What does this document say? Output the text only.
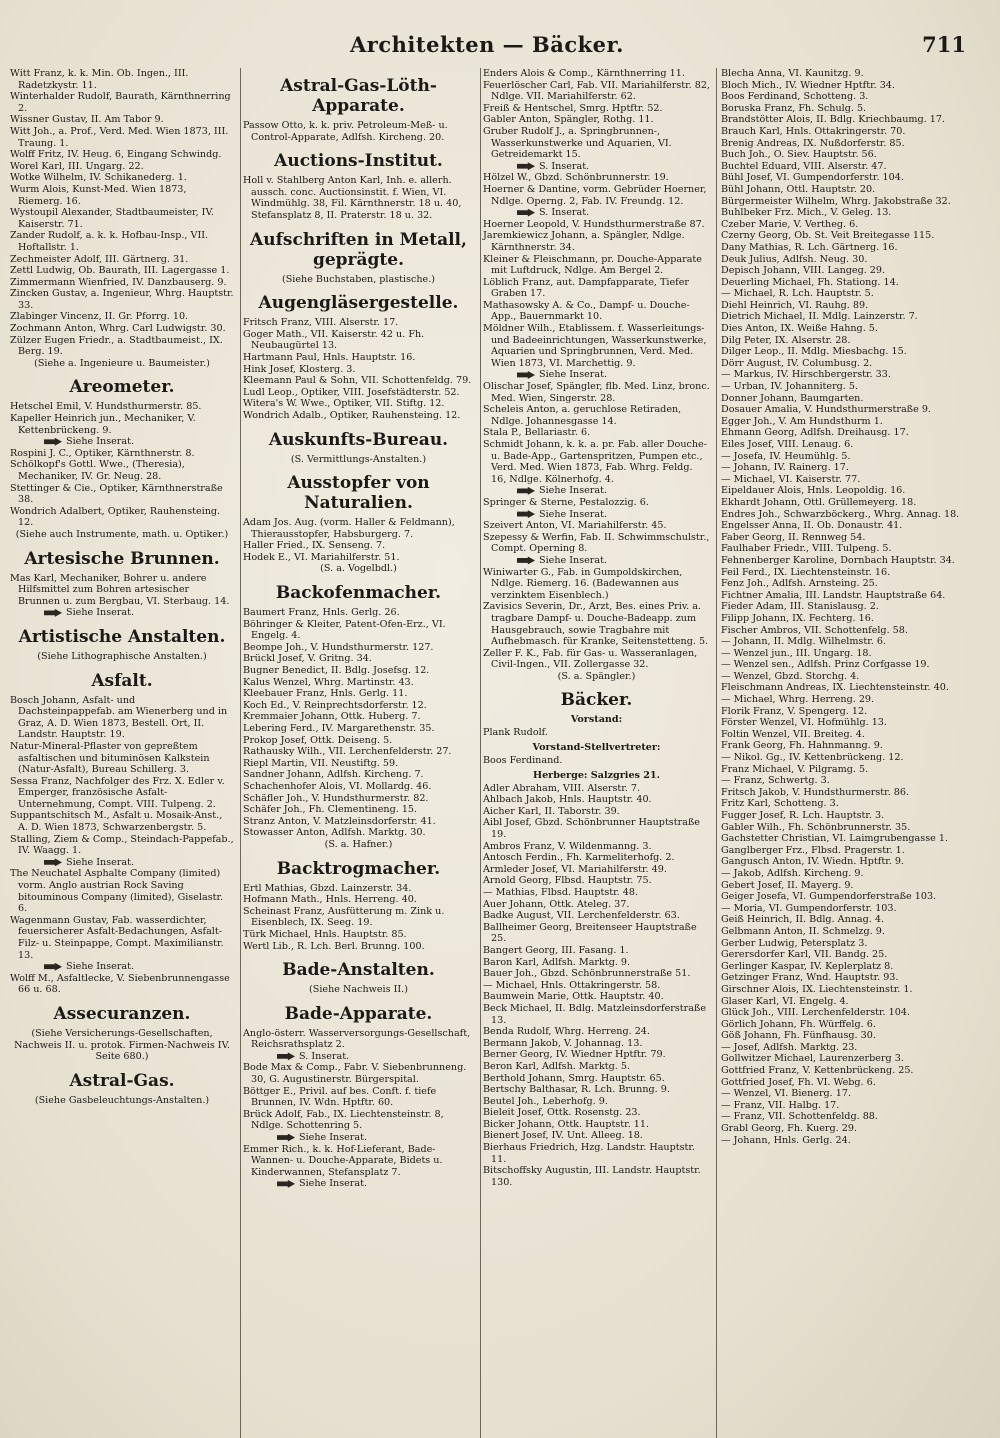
Architekten — Bäcker.	711
Witt Franz, k. k. Min. Ob. Ingen., III. Radetzkystr. 11.
Winterhalder Rudolf, Baurath, Kärnthnerring 2.
Wissner Gustav, II. Am Tabor 9.
Witt Joh., a. Prof., Verd. Med. Wien 1873, III. Traung. 1.
Wolff Fritz, IV. Heug. 6, Eingang Schwindg.
Worel Karl, III. Ungarg. 22.
Wotke Wilhelm, IV. Schikanederg. 1.
Wurm Alois, Kunst-Med. Wien 1873, Riemerg. 16.
Wystoupil Alexander, Stadtbaumeister, IV. Kaiserstr. 71.
Zander Rudolf, a. k. k. Hofbau-Insp., VII. Hoftallstr. 1.
Zechmeister Adolf, III. Gärtnerg. 31.
Zettl Ludwig, Ob. Baurath, III. Lagergasse 1.
Zimmermann Wienfried, IV. Danzbauserg. 9.
Zincken Gustav, a. Ingenieur, Whrg. Hauptstr. 33.
Zlabinger Vincenz, II. Gr. Pforrg. 10.
Zochmann Anton, Whrg. Carl Ludwigstr. 30.
Zülzer Eugen Friedr., a. Stadtbaumeist., IX. Berg. 19.
(Siehe a. Ingenieure u. Baumeister.)
Areometer.
Hetschel Emil, V. Hundsthurmerstr. 85.
Kapeller Heinrich jun., Mechaniker, V. Kettenbrückeng. 9.
Siehe Inserat.
Rospini J. C., Optiker, Kärnthnerstr. 8.
Schölkopf's Gottl. Wwe., (Theresia), Mechaniker, IV. Gr. Neug. 28.
Stettinger & Cie., Optiker, Kärnthnerstraße 38.
Wondrich Adalbert, Optiker, Rauhensteing. 12.
(Siehe auch Instrumente, math. u. Optiker.)
Artesische Brunnen.
Mas Karl, Mechaniker, Bohrer u. andere Hilfsmittel zum Bohren artesischer Brunnen u. zum Bergbau, VI. Sterbaug. 14.
Siehe Inserat.
Artistische Anstalten.
(Siehe Lithographische Anstalten.)
Asfalt.
Bosch Johann, Asfalt- und Dachsteinpappefab. am Wienerberg und in Graz, A. D. Wien 1873, Bestell. Ort, II. Landstr. Hauptstr. 19.
Natur-Mineral-Pflaster von gepreßtem asfaltischen und bituminösen Kalkstein (Natur-Asfalt), Bureau Schillerg. 3.
Sessa Franz, Nachfolger des Frz. X. Edler v. Emperger, französische Asfalt-Unternehmung, Compt. VIII. Tulpeng. 2.
Suppantschitsch M., Asfalt u. Mosaik-Anst., A. D. Wien 1873, Schwarzenbergstr. 5.
Stalling, Ziem & Comp., Steindach-Pappefab., IV. Waagg. 1.
Siehe Inserat.
The Neuchatel Asphalte Company (limited) vorm. Anglo austrian Rock Saving bitouminous Company (limited), Giselastr. 6.
Wagenmann Gustav, Fab. wasserdichter, feuersicherer Asfalt-Bedachungen, Asfalt-Filz- u. Steinpappe, Compt. Maximilianstr. 13.
Siehe Inserat.
Wolff M., Asfaltlecke, V. Siebenbrunnengasse 66 u. 68.
Assecuranzen.
(Siehe Versicherungs-Gesellschaften, Nachweis II. u. protok. Firmen-Nachweis IV. Seite 680.)
Astral-Gas.
(Siehe Gasbeleuchtungs-Anstalten.)
Astral-Gas-Löth-Apparate.
Passow Otto, k. k. priv. Petroleum-Meß- u. Control-Apparate, Adlfsh. Kircheng. 20.
Auctions-Institut.
Holl v. Stahlberg Anton Karl, Inh. e. allerh. aussch. conc. Auctionsinstit. f. Wien, VI. Windmühlg. 38, Fil. Kärnthnerstr. 18 u. 40, Stefansplatz 8, II. Praterstr. 18 u. 32.
Aufschriften in Metall, geprägte.
(Siehe Buchstaben, plastische.)
Augengläsergestelle.
Fritsch Franz, VIII. Alserstr. 17.
Goger Math., VII. Kaiserstr. 42 u. Fh. Neubaugürtel 13.
Hartmann Paul, Hnls. Hauptstr. 16.
Hink Josef, Klosterg. 3.
Kleemann Paul & Sohn, VII. Schottenfeldg. 79.
Ludl Leop., Optiker, VIII. Josefstädterstr. 52.
Witera's W. Wwe., Optiker, VII. Stiftg. 12.
Wondrich Adalb., Optiker, Rauhensteing. 12.
Auskunfts-Bureau.
(S. Vermittlungs-Anstalten.)
Ausstopfer von Naturalien.
Adam Jos. Aug. (vorm. Haller & Feldmann), Thierausstopfer, Habsburgerg. 7.
Haller Fried., IX. Senseng. 7.
Hodek E., VI. Mariahilferstr. 51.
(S. a. Vogelbdl.)
Backofenmacher.
Baumert Franz, Hnls. Gerlg. 26.
Böhringer & Kleiter, Patent-Ofen-Erz., VI. Engelg. 4.
Beompe Joh., V. Hundsthurmerstr. 127.
Brückl Josef, V. Gritng. 34.
Bugner Benedict, II. Bdlg. Josefsg. 12.
Kalus Wenzel, Whrg. Martinstr. 43.
Kleebauer Franz, Hnls. Gerlg. 11.
Koch Ed., V. Reinprechtsdorferstr. 12.
Kremmaier Johann, Ottk. Huberg. 7.
Lebering Ferd., IV. Margarethenstr. 35.
Prokop Josef, Ottk. Deiseng. 5.
Rathausky Wilh., VII. Lerchenfelderstr. 27.
Riepl Martin, VII. Neustiftg. 59.
Sandner Johann, Adlfsh. Kircheng. 7.
Schachenhofer Alois, VI. Mollardg. 46.
Schäfler Joh., V. Hundsthurmerstr. 82.
Schäfer Joh., Fh. Clementineng. 15.
Stranz Anton, V. Matzleinsdorferstr. 41.
Stowasser Anton, Adlfsh. Marktg. 30.
(S. a. Hafner.)
Backtrogmacher.
Ertl Mathias, Gbzd. Lainzerstr. 34.
Hofmann Math., Hnls. Herreng. 40.
Scheinast Franz, Ausfütterung m. Zink u. Eisenblech, IX. Seeg. 19.
Türk Michael, Hnls. Hauptstr. 85.
Wertl Lib., R. Lch. Berl. Brunng. 100.
Bade-Anstalten.
(Siehe Nachweis II.)
Bade-Apparate.
Anglo-österr. Wasserversorgungs-Gesellschaft, Reichsrathsplatz 2.
S. Inserat.
Bode Max & Comp., Fabr. V. Siebenbrunneng. 30, G. Augustinerstr. Bürgerspital.
Böttger E., Privil. auf bes. Conft. f. tiefe Brunnen, IV. Wdn. Hptftr. 60.
Brück Adolf, Fab., IX. Liechtensteinstr. 8, Ndlge. Schottenring 5.
Siehe Inserat.
Emmer Rich., k. k. Hof-Lieferant, Bade-Wannen- u. Douche-Apparate, Bidets u. Kinderwannen, Stefansplatz 7.
Siehe Inserat.
Enders Alois & Comp., Kärnthnerring 11.
Feuerlöscher Carl, Fab. VII. Mariahilferstr. 82, Ndlge. VII. Mariahilferstr. 62.
Freiß & Hentschel, Smrg. Hptftr. 52.
Gabler Anton, Spängler, Rothg. 11.
Gruber Rudolf J., a. Springbrunnen-, Wasserkunstwerke und Aquarien, VI. Getreidemarkt 15.
S. Inserat.
Hölzel W., Gbzd. Schönbrunnerstr. 19.
Hoerner & Dantine, vorm. Gebrüder Hoerner, Ndlge. Operng. 2, Fab. IV. Freundg. 12.
S. Inserat.
Hoerner Leopold, V. Hundsthurmerstraße 87.
Jaremkiewicz Johann, a. Spängler, Ndlge. Kärnthnerstr. 34.
Kleiner & Fleischmann, pr. Douche-Apparate mit Luftdruck, Ndlge. Am Bergel 2.
Löblich Franz, aut. Dampfapparate, Tiefer Graben 17.
Mathasowsky A. & Co., Dampf- u. Douche-App., Bauernmarkt 10.
Möldner Wilh., Etablissem. f. Wasserleitungs- und Badeeinrichtungen, Wasserkunstwerke, Aquarien und Springbrunnen, Verd. Med. Wien 1873, VI. Marchettig. 9.
Siehe Inserat.
Olischar Josef, Spängler, flb. Med. Linz, bronc. Med. Wien, Singerstr. 28.
Scheleis Anton, a. geruchlose Retiraden, Ndlge. Johannesgasse 14.
Stala P., Bellariastr. 6.
Schmidt Johann, k. k. a. pr. Fab. aller Douche- u. Bade-App., Gartenspritzen, Pumpen etc., Verd. Med. Wien 1873, Fab. Whrg. Feldg. 16, Ndlge. Kölnerhofg. 4.
Siehe Inserat.
Springer & Sterne, Pestalozzig. 6.
Siehe Inserat.
Szeivert Anton, VI. Mariahilferstr. 45.
Szepessy & Werfin, Fab. II. Schwimmschulstr., Compt. Operning 8.
Siehe Inserat.
Winiwarter G., Fab. in Gumpoldskirchen, Ndlge. Riemerg. 16. (Badewannen aus verzinktem Eisenblech.)
Zavisics Severin, Dr., Arzt, Bes. eines Priv. a. tragbare Dampf- u. Douche-Badeapp. zum Hausgebrauch, sowie Tragbahre mit Aufhebmasch. für Kranke, Seitenstetteng. 5.
Zeller F. K., Fab. für Gas- u. Wasseranlagen, Civil-Ingen., VII. Zollergasse 32.
(S. a. Spängler.)
Bäcker.
Vorstand:
Plank Rudolf.
Vorstand-Stellvertreter:
Boos Ferdinand.
Herberge: Salzgries 21.
Adler Abraham, VIII. Alserstr. 7.
Ahlbach Jakob, Hnls. Hauptstr. 40.
Aicher Karl, II. Taborstr. 39.
Aibl Josef, Gbzd. Schönbrunner Hauptstraße 19.
Ambros Franz, V. Wildenmanng. 3.
Antosch Ferdin., Fh. Karmeliterhofg. 2.
Armleder Josef, VI. Mariahilferstr. 49.
Arnold Georg, Flbsd. Hauptstr. 75.
— Mathias, Flbsd. Hauptstr. 48.
Auer Johann, Ottk. Ateleg. 37.
Badke August, VII. Lerchenfelderstr. 63.
Ballheimer Georg, Breitenseer Hauptstraße 25.
Bangert Georg, III. Fasang. 1.
Baron Karl, Adlfsh. Marktg. 9.
Bauer Joh., Gbzd. Schönbrunnerstraße 51.
— Michael, Hnls. Ottakringerstr. 58.
Baumwein Marie, Ottk. Hauptstr. 40.
Beck Michael, II. Bdlg. Matzleinsdorferstraße 13.
Benda Rudolf, Whrg. Herreng. 24.
Bermann Jakob, V. Johannag. 13.
Berner Georg, IV. Wiedner Hptftr. 79.
Beron Karl, Adlfsh. Marktg. 5.
Berthold Johann, Smrg. Hauptstr. 65.
Bertschy Balthasar, R. Lch. Brunng. 9.
Beutel Joh., Leberhofg. 9.
Bieleit Josef, Ottk. Rosenstg. 23.
Bicker Johann, Ottk. Hauptstr. 11.
Bienert Josef, IV. Unt. Alleeg. 18.
Bierhaus Friedrich, Hzg. Landstr. Hauptstr. 11.
Bitschoffsky Augustin, III. Landstr. Hauptstr. 130.
Blecha Anna, VI. Kaunitzg. 9.
Bloch Mich., IV. Wiedner Hptftr. 34.
Boos Ferdinand, Schotteng. 3.
Boruska Franz, Fh. Schulg. 5.
Brandstötter Alois, II. Bdlg. Kriechbaumg. 17.
Brauch Karl, Hnls. Ottakringerstr. 70.
Brenig Andreas, IX. Nußdorferstr. 85.
Buch Joh., O. Siev. Hauptstr. 56.
Buchtel Eduard, VIII. Alserstr. 47.
Bühl Josef, VI. Gumpendorferstr. 104.
Bühl Johann, Ottl. Hauptstr. 20.
Bürgermeister Wilhelm, Whrg. Jakobstraße 32.
Buhlbeker Frz. Mich., V. Geleg. 13.
Czeber Marie, V. Vertheg. 6.
Czerny Georg, Ob. St. Veit Breitegasse 115.
Dany Mathias, R. Lch. Gärtnerg. 16.
Deuk Julius, Adlfsh. Neug. 30.
Depisch Johann, VIII. Langeg. 29.
Deuerling Michael, Fh. Stationg. 14.
— Michael, R. Lch. Hauptstr. 5.
Diehl Heinrich, VI. Rauhg. 89.
Dietrich Michael, II. Mdlg. Lainzerstr. 7.
Dies Anton, IX. Weiße Hahng. 5.
Dilg Peter, IX. Alserstr. 28.
Dilger Leop., II. Mdlg. Miesbachg. 15.
Dörr August, IV. Columbusg. 2.
— Markus, IV. Hirschbergerstr. 33.
— Urban, IV. Johanniterg. 5.
Donner Johann, Baumgarten.
Dosauer Amalia, V. Hundsthurmerstraße 9.
Egger Joh., V. Am Hundsthurm 1.
Ehmann Georg, Adlfsh. Dreihausg. 17.
Eiles Josef, VIII. Lenaug. 6.
— Josefa, IV. Heumühlg. 5.
— Johann, IV. Rainerg. 17.
— Michael, VI. Kaiserstr. 77.
Eipeldauer Alois, Hnls. Leopoldig. 16.
Ekhardt Johann, Ottl. Grüllemeyerg. 18.
Endres Joh., Schwarzböckerg., Whrg. Annag. 18.
Engelsser Anna, II. Ob. Donaustr. 41.
Faber Georg, II. Rennweg 54.
Faulhaber Friedr., VIII. Tulpeng. 5.
Fehnenberger Karoline, Dornbach Hauptstr. 34.
Feil Ferd., IX. Liechtensteinstr. 16.
Fenz Joh., Adlfsh. Arnsteing. 25.
Fichtner Amalia, III. Landstr. Hauptstraße 64.
Fieder Adam, III. Stanislausg. 2.
Filipp Johann, IX. Fechterg. 16.
Fischer Ambros, VII. Schottenfelg. 58.
— Johann, II. Mdlg. Wilhelmstr. 6.
— Wenzel jun., III. Ungarg. 18.
— Wenzel sen., Adlfsh. Prinz Corfgasse 19.
— Wenzel, Gbzd. Storchg. 4.
Fleischmann Andreas, IX. Liechtensteinstr. 40.
— Michael, Whrg. Herreng. 29.
Florik Franz, V. Spengerg. 12.
Förster Wenzel, VI. Hofmühlg. 13.
Foltin Wenzel, VII. Breiteg. 4.
Frank Georg, Fh. Hahnmanng. 9.
— Nikol. Gg., IV. Kettenbrückeng. 12.
Franz Michael, V. Pilgramg. 5.
— Franz, Schwertg. 3.
Fritsch Jakob, V. Hundsthurmerstr. 86.
Fritz Karl, Schotteng. 3.
Fugger Josef, R. Lch. Hauptstr. 3.
Gabler Wilh., Fh. Schönbrunnerstr. 35.
Gachstetter Christian, VI. Laimgrubengasse 1.
Ganglberger Frz., Flbsd. Pragerstr. 1.
Gangusch Anton, IV. Wiedn. Hptftr. 9.
— Jakob, Adlfsh. Kircheng. 9.
Gebert Josef, II. Mayerg. 9.
Geiger Josefa, VI. Gumpendorferstraße 103.
— Moria, VI. Gumpendorferstr. 103.
Geiß Heinrich, II. Bdlg. Annag. 4.
Gelbmann Anton, II. Schmelzg. 9.
Gerber Ludwig, Petersplatz 3.
Gerersdorfer Karl, VII. Bandg. 25.
Gerlinger Kaspar, IV. Keplerplatz 8.
Getzinger Franz, Wnd. Hauptstr. 93.
Girschner Alois, IX. Liechtensteinstr. 1.
Glaser Karl, VI. Engelg. 4.
Glück Joh., VIII. Lerchenfelderstr. 104.
Görlich Johann, Fh. Würffelg. 6.
Göß Johann, Fh. Fünfhausg. 30.
— Josef, Adlfsh. Marktg. 23.
Gollwitzer Michael, Laurenzerberg 3.
Gottfried Franz, V. Kettenbrückeng. 25.
Gottfried Josef, Fh. VI. Webg. 6.
— Wenzel, VI. Bienerg. 17.
— Franz, VII. Halbg. 17.
— Franz, VII. Schottenfeldg. 88.
Grabl Georg, Fh. Kuerg. 29.
— Johann, Hnls. Gerlg. 24.
